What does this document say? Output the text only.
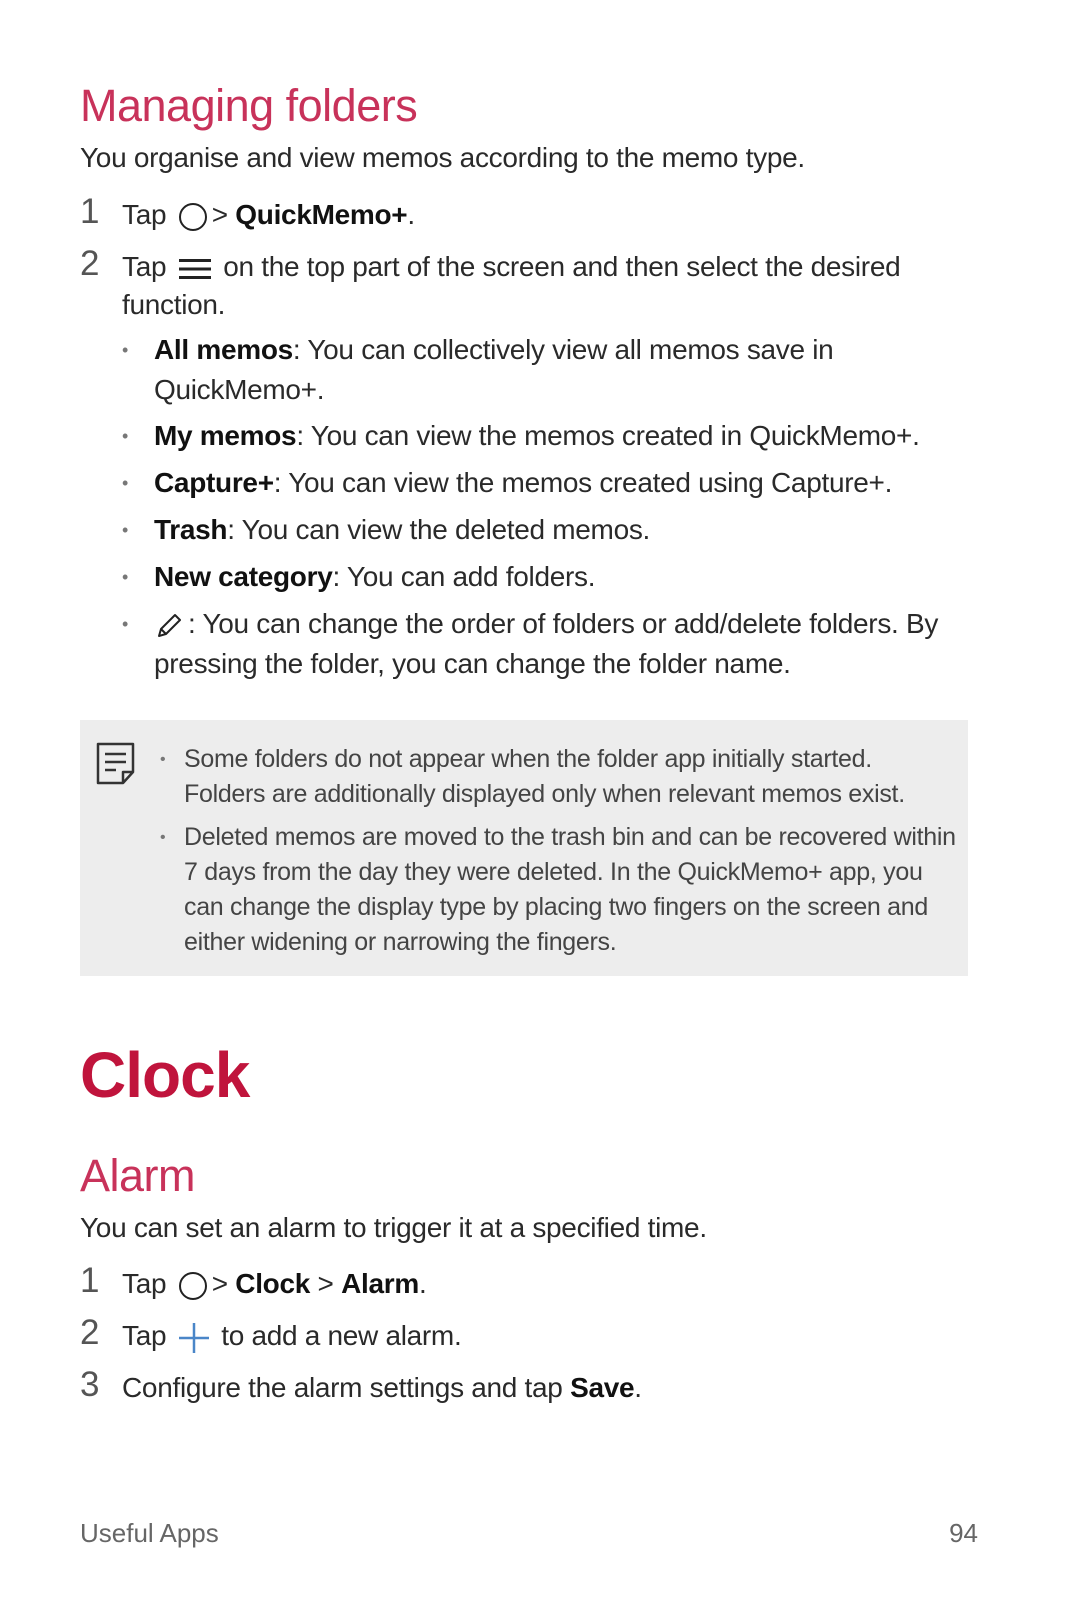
Managing folders
You organise and view memos according to the memo type.
1 Tap > QuickMemo+.
2 Tap on the top part of the screen and then select the desired
function.
• All memos: You can collectively view all memos save in
QuickMemo+.
• My memos: You can view the memos created in QuickMemo+.
• Capture+: You can view the memos created using Capture+.
• Trash: You can view the deleted memos.
• New category: You can add folders.
•	: You can change the order of folders or add/delete folders. By
pressing the folder, you can change the folder name.
• Some folders do not appear when the folder app initially started. Folders are additionally displayed only when relevant memos exist.
• Deleted memos are moved to the trash bin and can be recovered within 7 days from the day they were deleted. In the QuickMemo+ app, you can change the display type by placing two fingers on the screen and either widening or narrowing the fingers.
Clock
Alarm
You can set an alarm to trigger it at a specified time.
1 Tap > Clock > Alarm.
2 Tap to add a new alarm.
3 Configure the alarm settings and tap Save.
Useful Apps	94
